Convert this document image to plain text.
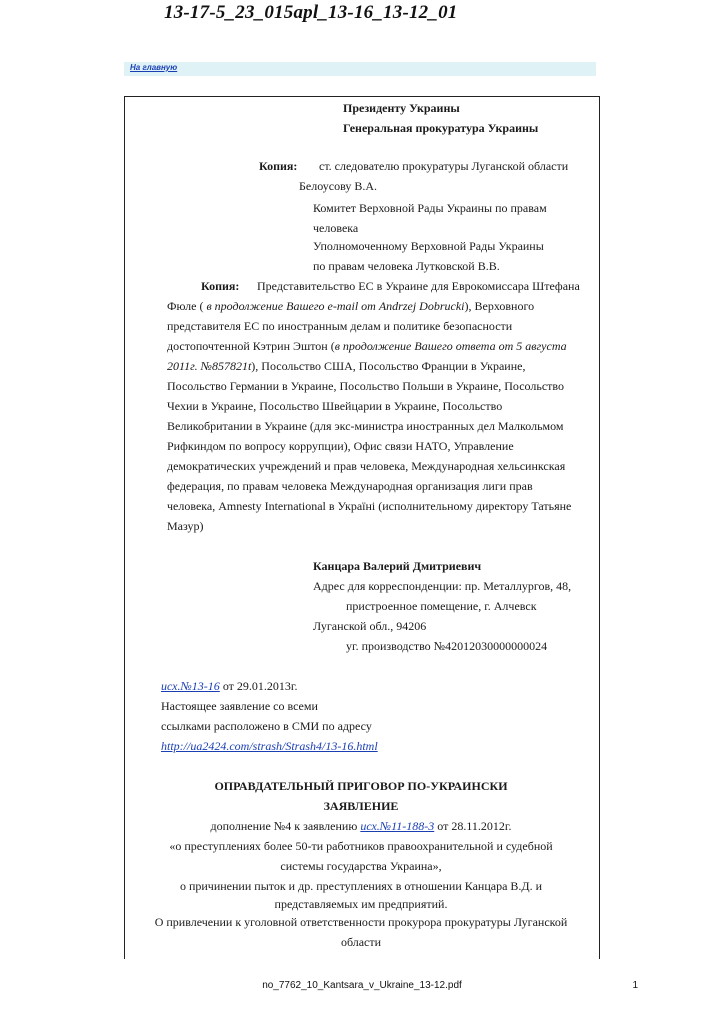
13-17-5_23_015apl_13-16_13-12_01
На главную
Президенту Украины
Генеральная прокуратура Украины
Копия: ст. следователю прокуратуры Луганской области
Белоусову В.А.
Комитет Верховной Рады Украины по правам
человека
Уполномоченному Верховной Рады Украины
по правам человека Лутковской В.В.
Копия: Представительство ЕС в Украине для Еврокомиссара Штефана
Фюле ( в продолжение Вашего e-mail от Andrzej Dobrucki), Верховного
представителя ЕС по иностранным делам и политике безопасности
достопочтенной Кэтрин Эштон (в продолжение Вашего ответа от 5 августа
2011г. №857821t), Посольство США, Посольство Франции в Украине,
Посольство Германии в Украине, Посольство Польши в Украине, Посольство
Чехии в Украине, Посольство Швейцарии в Украине, Посольство
Великобритании в Украине (для экс-министра иностранных дел Малкольмом
Рифкиндом по вопросу коррупции), Офис связи НАТО, Управление
демократических учреждений и прав человека, Международная хельсинкская
федерация, по правам человека Международная организация лиги прав
человека, Amnesty International в Україні (исполнительному директору Татьяне
Мазур)
Канцара Валерий Дмитриевич
Адрес для корреспонденции: пр. Металлургов, 48,
пристроенное помещение, г. Алчевск
Луганской обл., 94206
уг. производство №42012030000000024
исх.№13-16 от 29.01.2013г.
Настоящее заявление со всеми
ссылками расположено в СМИ по адресу
http://ua2424.com/strash/Strash4/13-16.html
ОПРАВДАТЕЛЬНЫЙ ПРИГОВОР ПО-УКРАИНСКИ
ЗАЯВЛЕНИЕ
дополнение №4 к заявлению исх.№11-188-3 от 28.11.2012г.
«о преступлениях более 50-ти работников правоохранительной и судебной
системы государства Украина»,
о причинении пыток и др. преступлениях в отношении Канцара В.Д. и
представляемых им предприятий.
О привлечении к уголовной ответственности прокурора прокуратуры Луганской
области
no_7762_10_Kantsara_v_Ukraine_13-12.pdf	1
